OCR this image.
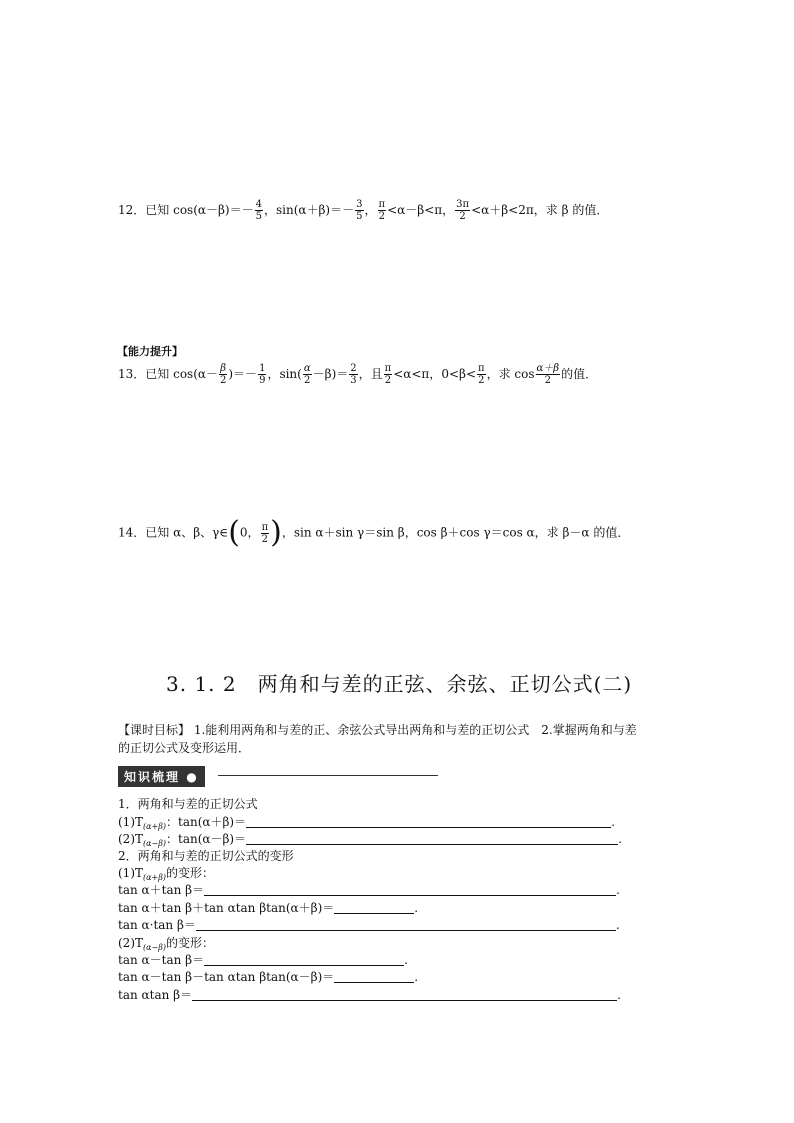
12．已知 $\cos(\alpha-\beta)=- \frac{4}{5}$ ，$\sin(\alpha+\beta)=- \frac{3}{5}$ ， $\frac{\pi}{2} <\alpha-\beta<\pi$， $\frac{3\pi}{2} <\alpha+\beta<2\pi$，求 β 的值．
【能力提升】
13．已知 $\cos(\alpha- \frac{\beta}{2}$ )＝－ $\frac{1}{9}$ ，$\sin( \frac{\alpha}{2} -\beta)= \frac{2}{3}$ ，且 $\frac{\pi}{2} <\alpha<\pi$，$0<\beta< \frac{\pi}{2}$ ，求 $\cos \frac{\alpha+\beta}{2}$ 的值．
14．已知 α、β、γ∈(0， $\frac{\pi}{2}$ )，sin α＋sin γ＝sin β，cos β＋cos γ＝cos α，求 β－α 的值．
3. 1. 2　两角和与差的正弦、余弦、正切公式(二)
【课时目标】 1.能利用两角和与差的正、余弦公式导出两角和与差的正切公式　2.掌握两角和与差
的正切公式及变形运用．
知识梳理 ●
1．两角和与差的正切公式
$(1)T_{(\alpha+\beta)}$：tan(α＋β)＝	.
$(2)T_{(\alpha-\beta)}$：tan(α－β)＝	.
2．两角和与差的正切公式的变形
$(1)T_{(\alpha+\beta)}$的变形：
tan α＋tan β＝	.
tan α＋tan β＋tan αtan βtan(α＋β)＝	.
tan α·tan β＝	.
$(2)T_{(\alpha-\beta)}$的变形：
tan α－tan β＝	.
tan α－tan β－tan αtan βtan(α－β)＝	.
tan αtan β＝	.
